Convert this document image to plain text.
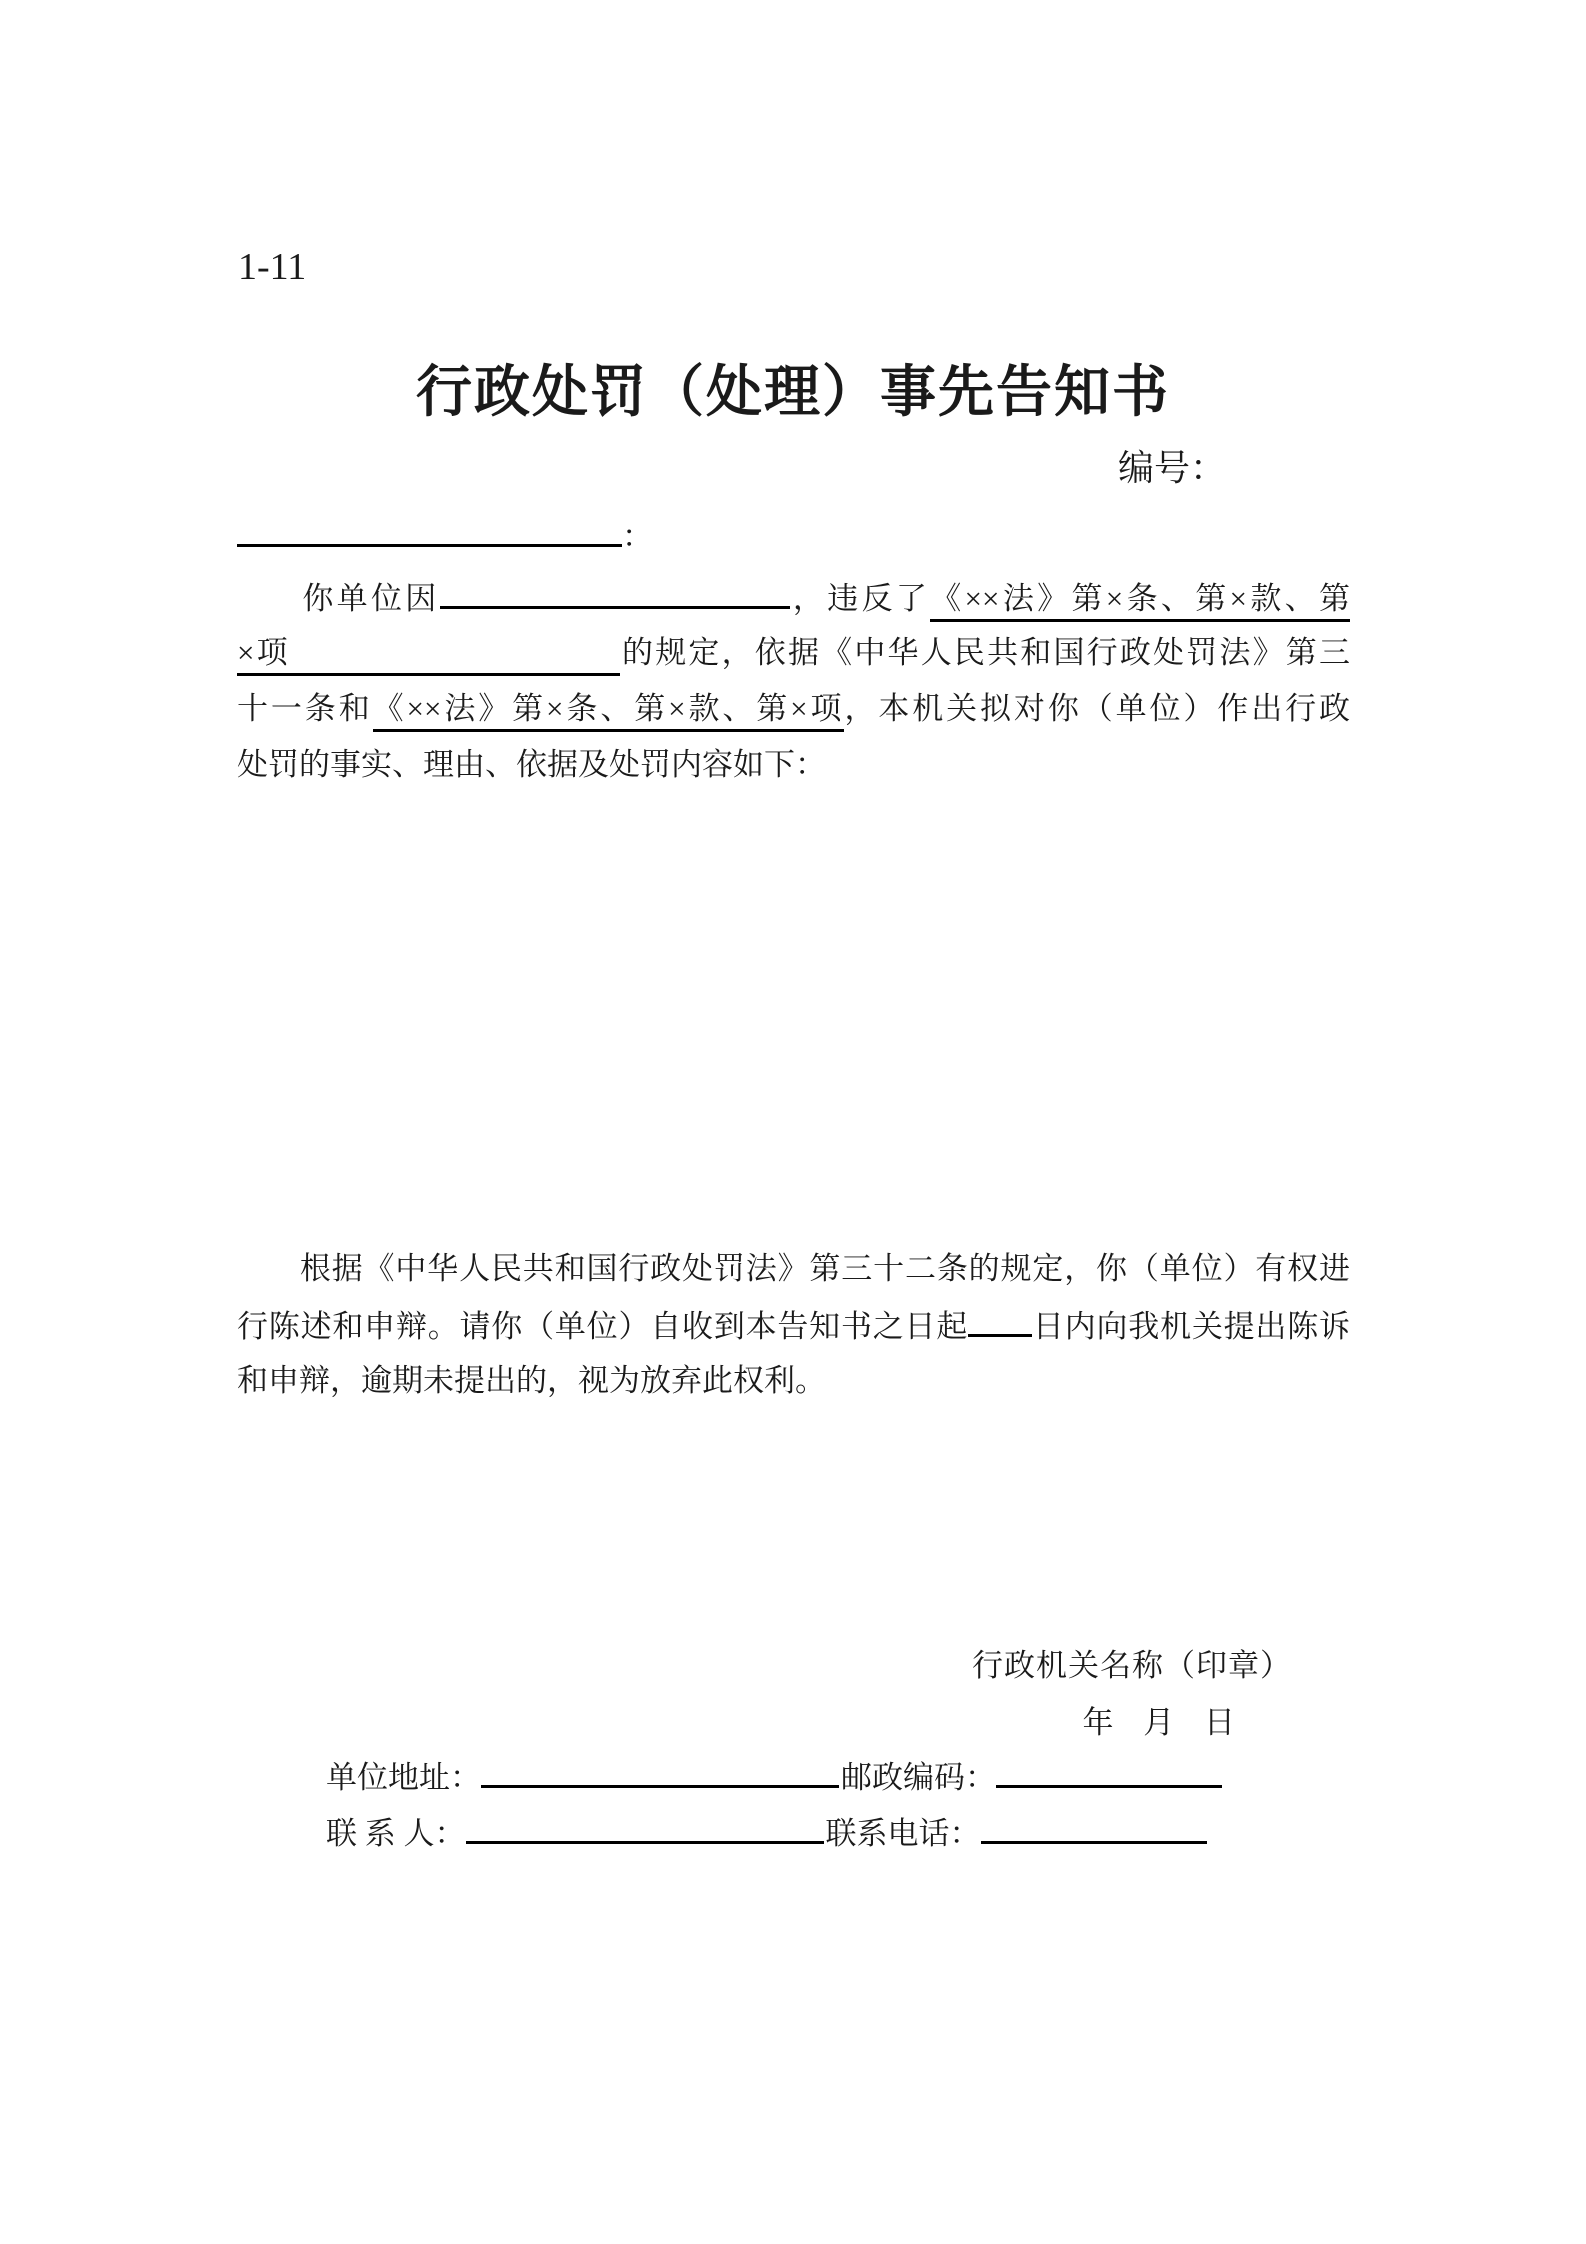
1-11
行政处罚（处理）事先告知书
编号：
：
你单位因	，违反了《××法》第×条、第×款、第
×项	的规定，依据《中华人民共和国行政处罚法》第三
十一条和《××法》第×条、第×款、第×项，本机关拟对你（单位）作出行政
处罚的事实、理由、依据及处罚内容如下：
根据《中华人民共和国行政处罚法》第三十二条的规定，你（单位）有权进
行陈述和申辩。请你（单位）自收到本告知书之日起 日内向我机关提出陈诉
和申辩，逾期未提出的，视为放弃此权利。
行政机关名称（印章）
年 月 日
单位地址：	邮政编码：
联 系 人：	联系电话：
